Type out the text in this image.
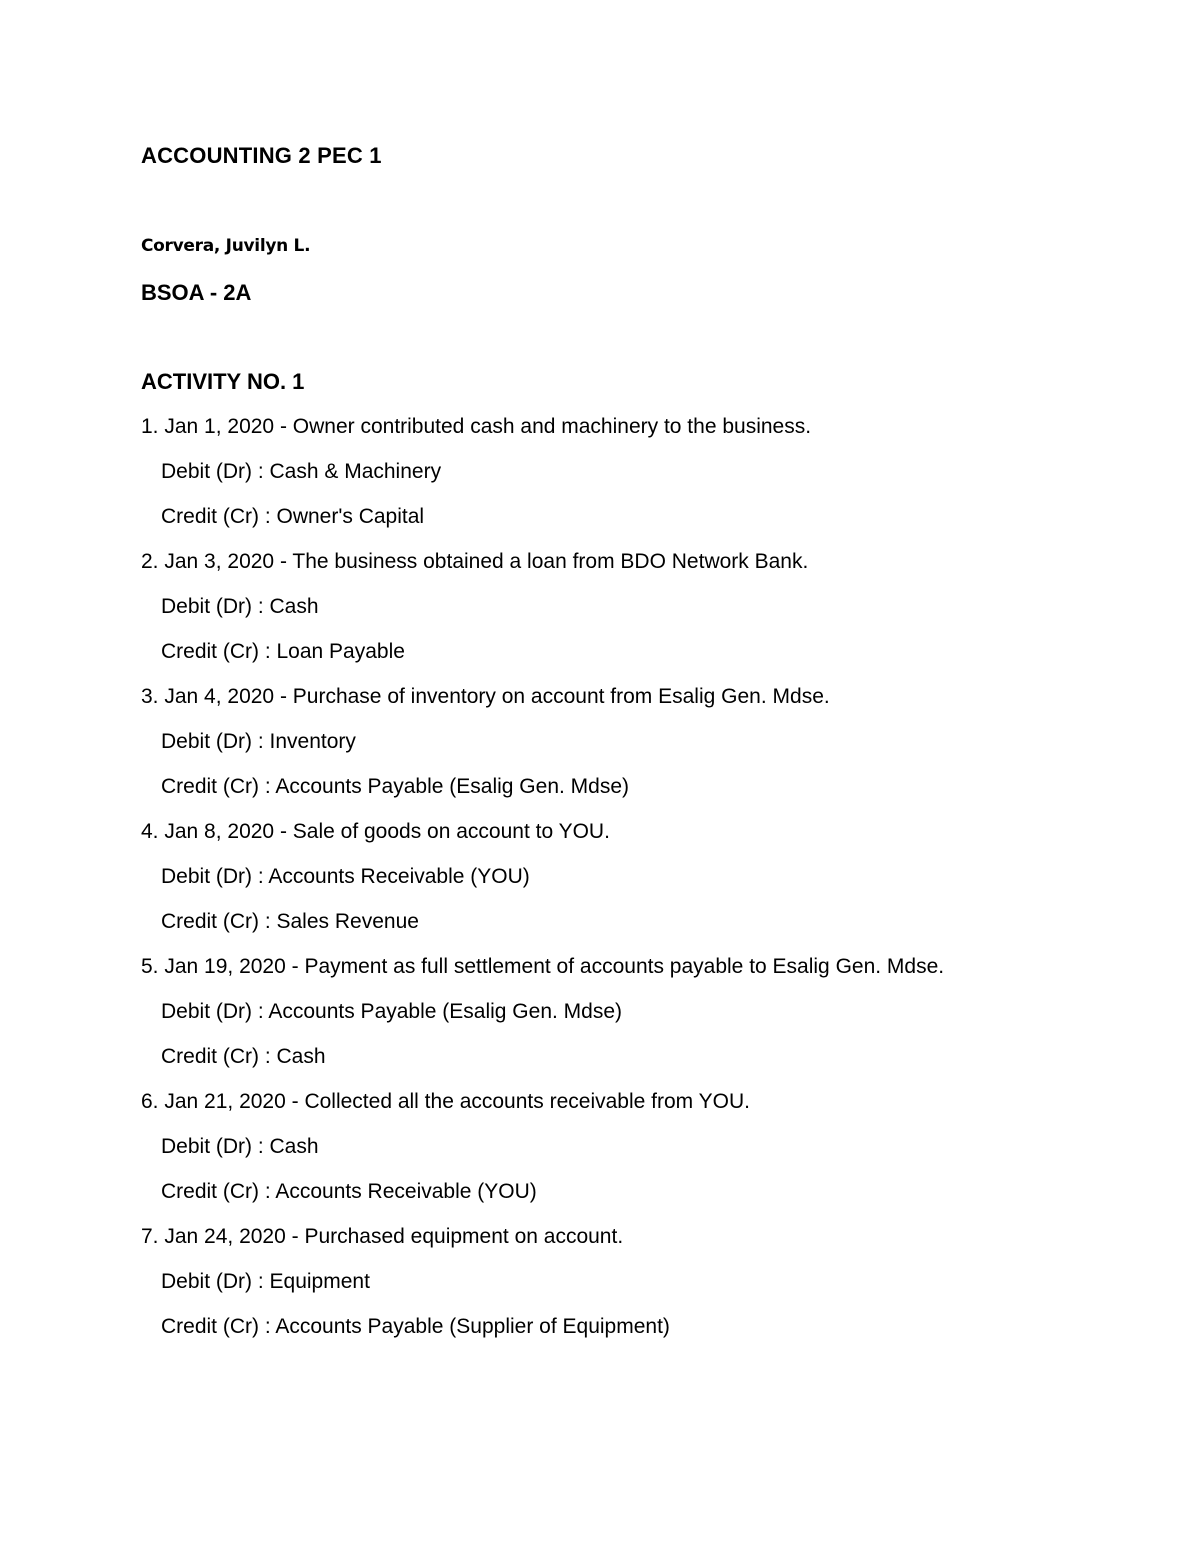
ACCOUNTING 2 PEC 1
Corvera, Juvilyn L.
BSOA - 2A
ACTIVITY NO. 1
1. Jan 1, 2020 - Owner contributed cash and machinery to the business.
Debit (Dr) : Cash & Machinery
Credit (Cr) : Owner's Capital
2. Jan 3, 2020 - The business obtained a loan from BDO Network Bank.
Debit (Dr) : Cash
Credit (Cr) : Loan Payable
3. Jan 4, 2020 - Purchase of inventory on account from Esalig Gen. Mdse.
Debit (Dr) : Inventory
Credit (Cr) : Accounts Payable (Esalig Gen. Mdse)
4. Jan 8, 2020 - Sale of goods on account to YOU.
Debit (Dr) : Accounts Receivable (YOU)
Credit (Cr) : Sales Revenue
5. Jan 19, 2020 - Payment as full settlement of accounts payable to Esalig Gen. Mdse.
Debit (Dr) : Accounts Payable (Esalig Gen. Mdse)
Credit (Cr) : Cash
6. Jan 21, 2020 - Collected all the accounts receivable from YOU.
Debit (Dr) : Cash
Credit (Cr) : Accounts Receivable (YOU)
7. Jan 24, 2020 - Purchased equipment on account.
Debit (Dr) : Equipment
Credit (Cr) : Accounts Payable (Supplier of Equipment)
